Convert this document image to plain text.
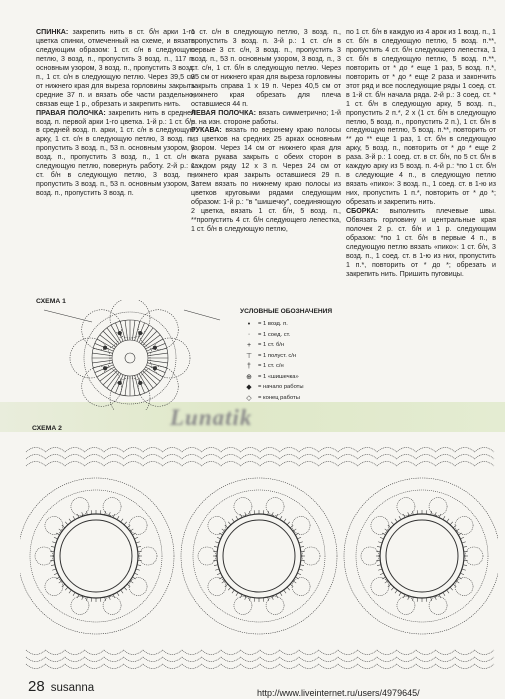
СПИНКА: закрепить нить в ст. б/н арки 1-го цветка спинки, отмеченный на схеме, и вязать следующим образом: 1 ст. с/н в следующую петлю, 3 возд. п., пропустить 3 возд. п., 117 п. основным узором, 3 возд. п., пропустить 3 возд. п., 1 ст. с/н в следующую петлю. Через 39,5 см от нижнего края для выреза горловины закрыть средние 37 п. и вязать обе части раздельно, связав еще 1 р., обрезать и закрепить нить.

ПРАВАЯ ПОЛОЧКА: закрепить нить в средней возд. п. первой арки 1-го цветка. 1-й р.: 1 ст. б/н в средней возд. п. арки, 1 ст. с/н в следующую арку, 1 ст. с/н в следующую петлю, 3 возд. п., пропустить 3 возд. п., 53 п. основным узором, 3 возд. п., пропустить 3 возд. п., 1 ст. с/н в следующую петлю, повернуть работу. 2-й р.: 1 ст. б/н в следующую петлю, 3 возд. п., пропустить 3 возд. п., 53 п. основным узором, 3 возд. п., пропустить 3 возд. п.

1 ст. с/н в следующую петлю, 3 возд. п., пропустить 3 возд. п. 3-й р.: 1 ст. с/н в первые 3 ст. с/н, 3 возд. п., пропустить 3 возд. п., 53 п. основным узором, 3 возд. п., 3 ст. с/н, 1 ст. б/н в следующую петлю. Через 35 см от нижнего края для выреза горловины закрыть справа 1 х 19 п. Через 40,5 см от нижнего края обрезать для плеча оставшиеся 44 п.

ЛЕВАЯ ПОЛОЧКА: вязать симметрично; 1-й р. на изн. стороне работы.

РУКАВА: вязать по верхнему краю полосы из цветков на средних 25 арках основным узором. Через 14 см от нижнего края для оката рукава закрыть с обеих сторон в каждом ряду 12 х 3 п. Через 24 см от нижнего края закрыть оставшиеся 29 п. Затем вязать по нижнему краю полосы из цветков круговыми рядами следующим образом: 1-й р.: "в "шишечку", соединяющую 2 цветка, вязать 1 ст. б/н, 5 возд. п., **пропустить 4 ст. б/н следующего лепестка, 1 ст. б/н в следующую петлю,

по 1 ст. б/н в каждую из 4 арок из 1 возд. п., 1 ст. б/н в следующую петлю, 5 возд. п.**, пропустить 4 ст. б/н следующего лепестка, 1 ст. б/н в следующую петлю, 5 возд. п.**, повторить от * до * еще 1 раз, 5 возд. п.*, повторить от * до * еще 2 раза и закончить этот ряд и все последующие ряды 1 соед. ст. в 1-й ст. б/н начала ряда. 2-й р.: 3 соед. ст. * 1 ст. б/н в следующую арку, 5 возд. п., пропустить 2 п.*, 2 х (1 ст. б/н в следующую петлю, 5 возд. п., пропустить 2 п.), 1 ст. б/н в следующую петлю, 5 возд. п.**, повторить от ** до ** еще 1 раз, 1 ст. б/н в следующую арку, 5 возд. п., повторить от * до * еще 2 раза. 3-й р.: 1 соед. ст. в ст. б/н, по 5 ст. б/н в каждую арку из 5 возд. п. 4-й р.: *по 1 ст. б/н в следующие 4 п., в следующую петлю вязать «пико»: 3 возд. п., 1 соед. ст. в 1-ю из них, пропустить 1 п.*, повторить от * до *; обрезать и закрепить нить.

СБОРКА: выполнить плечевые швы. Обвязать горловину и центральные края полочек 2 р. ст. б/н и 1 р. следующим образом: *по 1 ст. б/н в первые 4 п., в следующую петлю вязать «пико»: 1 ст. б/н, 3 возд. п., 1 соед. ст. в 1-ю из них, пропустить 1 п.*, повторить от * до *; обрезать и закрепить нить. Пришить пуговицы.

СХЕМА 1
СХЕМА 2
УСЛОВНЫЕ ОБОЗНАЧЕНИЯ
•	= 1 возд. п.
·	= 1 соед. ст.
+	= 1 ст. б/н
⊤	= 1 полуст. с/н
†	= 1 ст. с/н
⊕	= 1 «шишечка»
◆	= начало работы
◇	= конец работы
Lunatik
28 susanna	http://www.liveinternet.ru/users/4979645/
